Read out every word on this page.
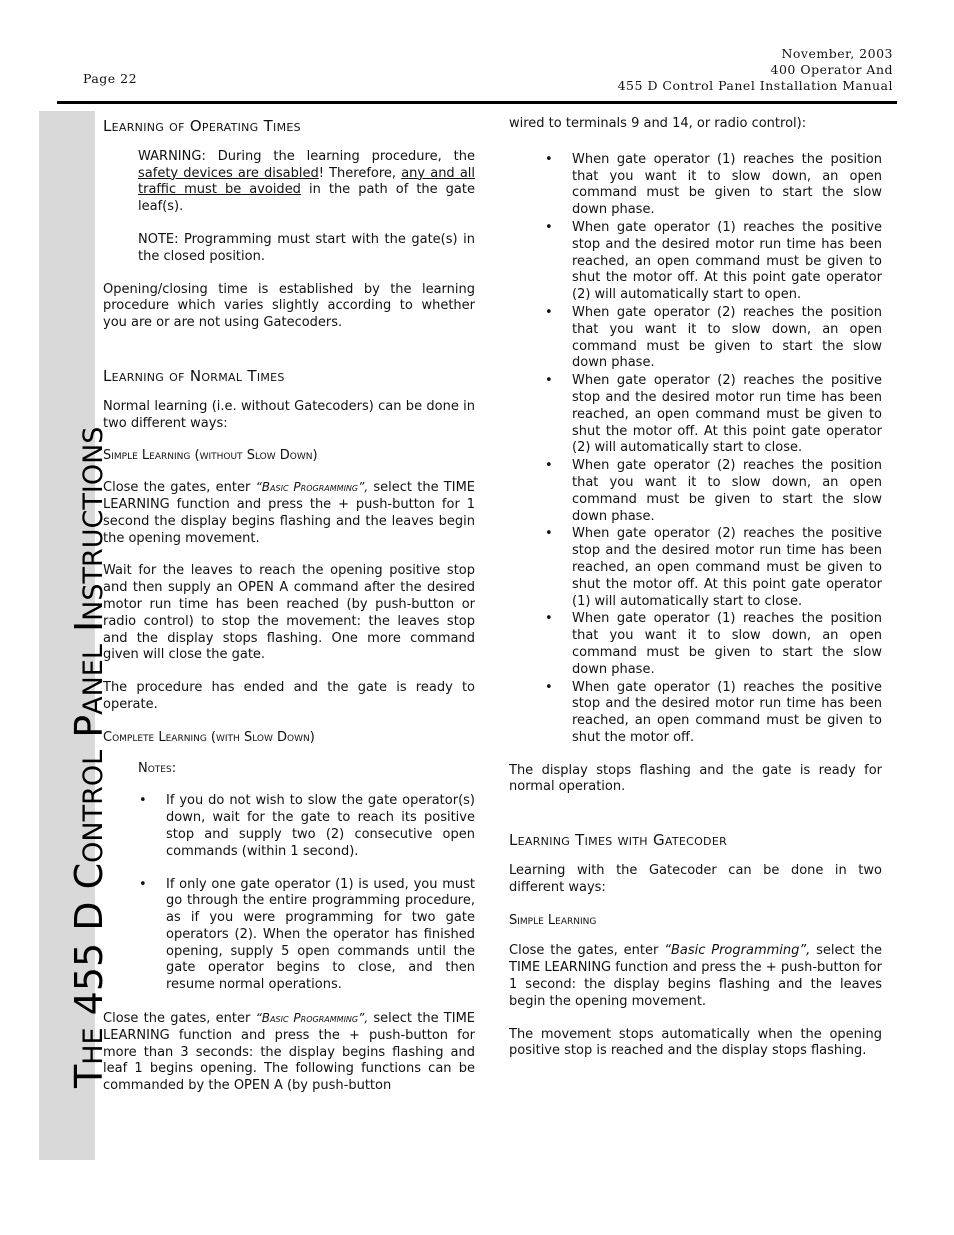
Page 22
November, 2003
400 Operator And
455 D Control Panel Installation Manual
The 455 D Control Panel Instructions
Learning of Operating Times

WARNING: During the learning procedure, the safety devices are disabled! Therefore, any and all traffic must be avoided in the path of the gate leaf(s).

NOTE: Programming must start with the gate(s) in the closed position.

Opening/closing time is established by the learning procedure which varies slightly according to whether you are or are not using Gatecoders.

Learning of Normal Times

Normal learning (i.e. without Gatecoders) can be done in two different ways:

Simple Learning (without Slow Down)

Close the gates, enter “Basic Programming”, select the TIME LEARNING function and press the + push-button for 1 second the display begins flashing and the leaves begin the opening movement.

Wait for the leaves to reach the opening positive stop and then supply an OPEN A command after the desired motor run time has been reached (by push-button or radio control) to stop the movement: the leaves stop and the display stops flashing. One more command given will close the gate.

The procedure has ended and the gate is ready to operate.

Complete Learning (with Slow Down)

Notes:

• If you do not wish to slow the gate operator(s) down, wait for the gate to reach its positive stop and supply two (2) consecutive open commands (within 1 second).
• If only one gate operator (1) is used, you must go through the entire programming procedure, as if you were programming for two gate operators (2). When the operator has finished opening, supply 5 open commands until the gate operator begins to close, and then resume normal operations.

Close the gates, enter “Basic Programming”, select the TIME LEARNING function and press the + push-button for more than 3 seconds: the display begins flashing and leaf 1 begins opening. The following functions can be commanded by the OPEN A (by push-button

wired to terminals 9 and 14, or radio control):

• When gate operator (1) reaches the position that you want it to slow down, an open command must be given to start the slow down phase.
• When gate operator (1) reaches the positive stop and the desired motor run time has been reached, an open command must be given to shut the motor off. At this point gate operator (2) will automatically start to open.
• When gate operator (2) reaches the position that you want it to slow down, an open command must be given to start the slow down phase.
• When gate operator (2) reaches the positive stop and the desired motor run time has been reached, an open command must be given to shut the motor off. At this point gate operator (2) will automatically start to close.
• When gate operator (2) reaches the position that you want it to slow down, an open command must be given to start the slow down phase.
• When gate operator (2) reaches the positive stop and the desired motor run time has been reached, an open command must be given to shut the motor off. At this point gate operator (1) will automatically start to close.
• When gate operator (1) reaches the position that you want it to slow down, an open command must be given to start the slow down phase.
• When gate operator (1) reaches the positive stop and the desired motor run time has been reached, an open command must be given to shut the motor off.

The display stops flashing and the gate is ready for normal operation.

Learning Times with Gatecoder

Learning with the Gatecoder can be done in two different ways:

Simple Learning

Close the gates, enter “Basic Programming”, select the TIME LEARNING function and press the + push-button for 1 second: the display begins flashing and the leaves begin the opening movement.

The movement stops automatically when the opening positive stop is reached and the display stops flashing.
